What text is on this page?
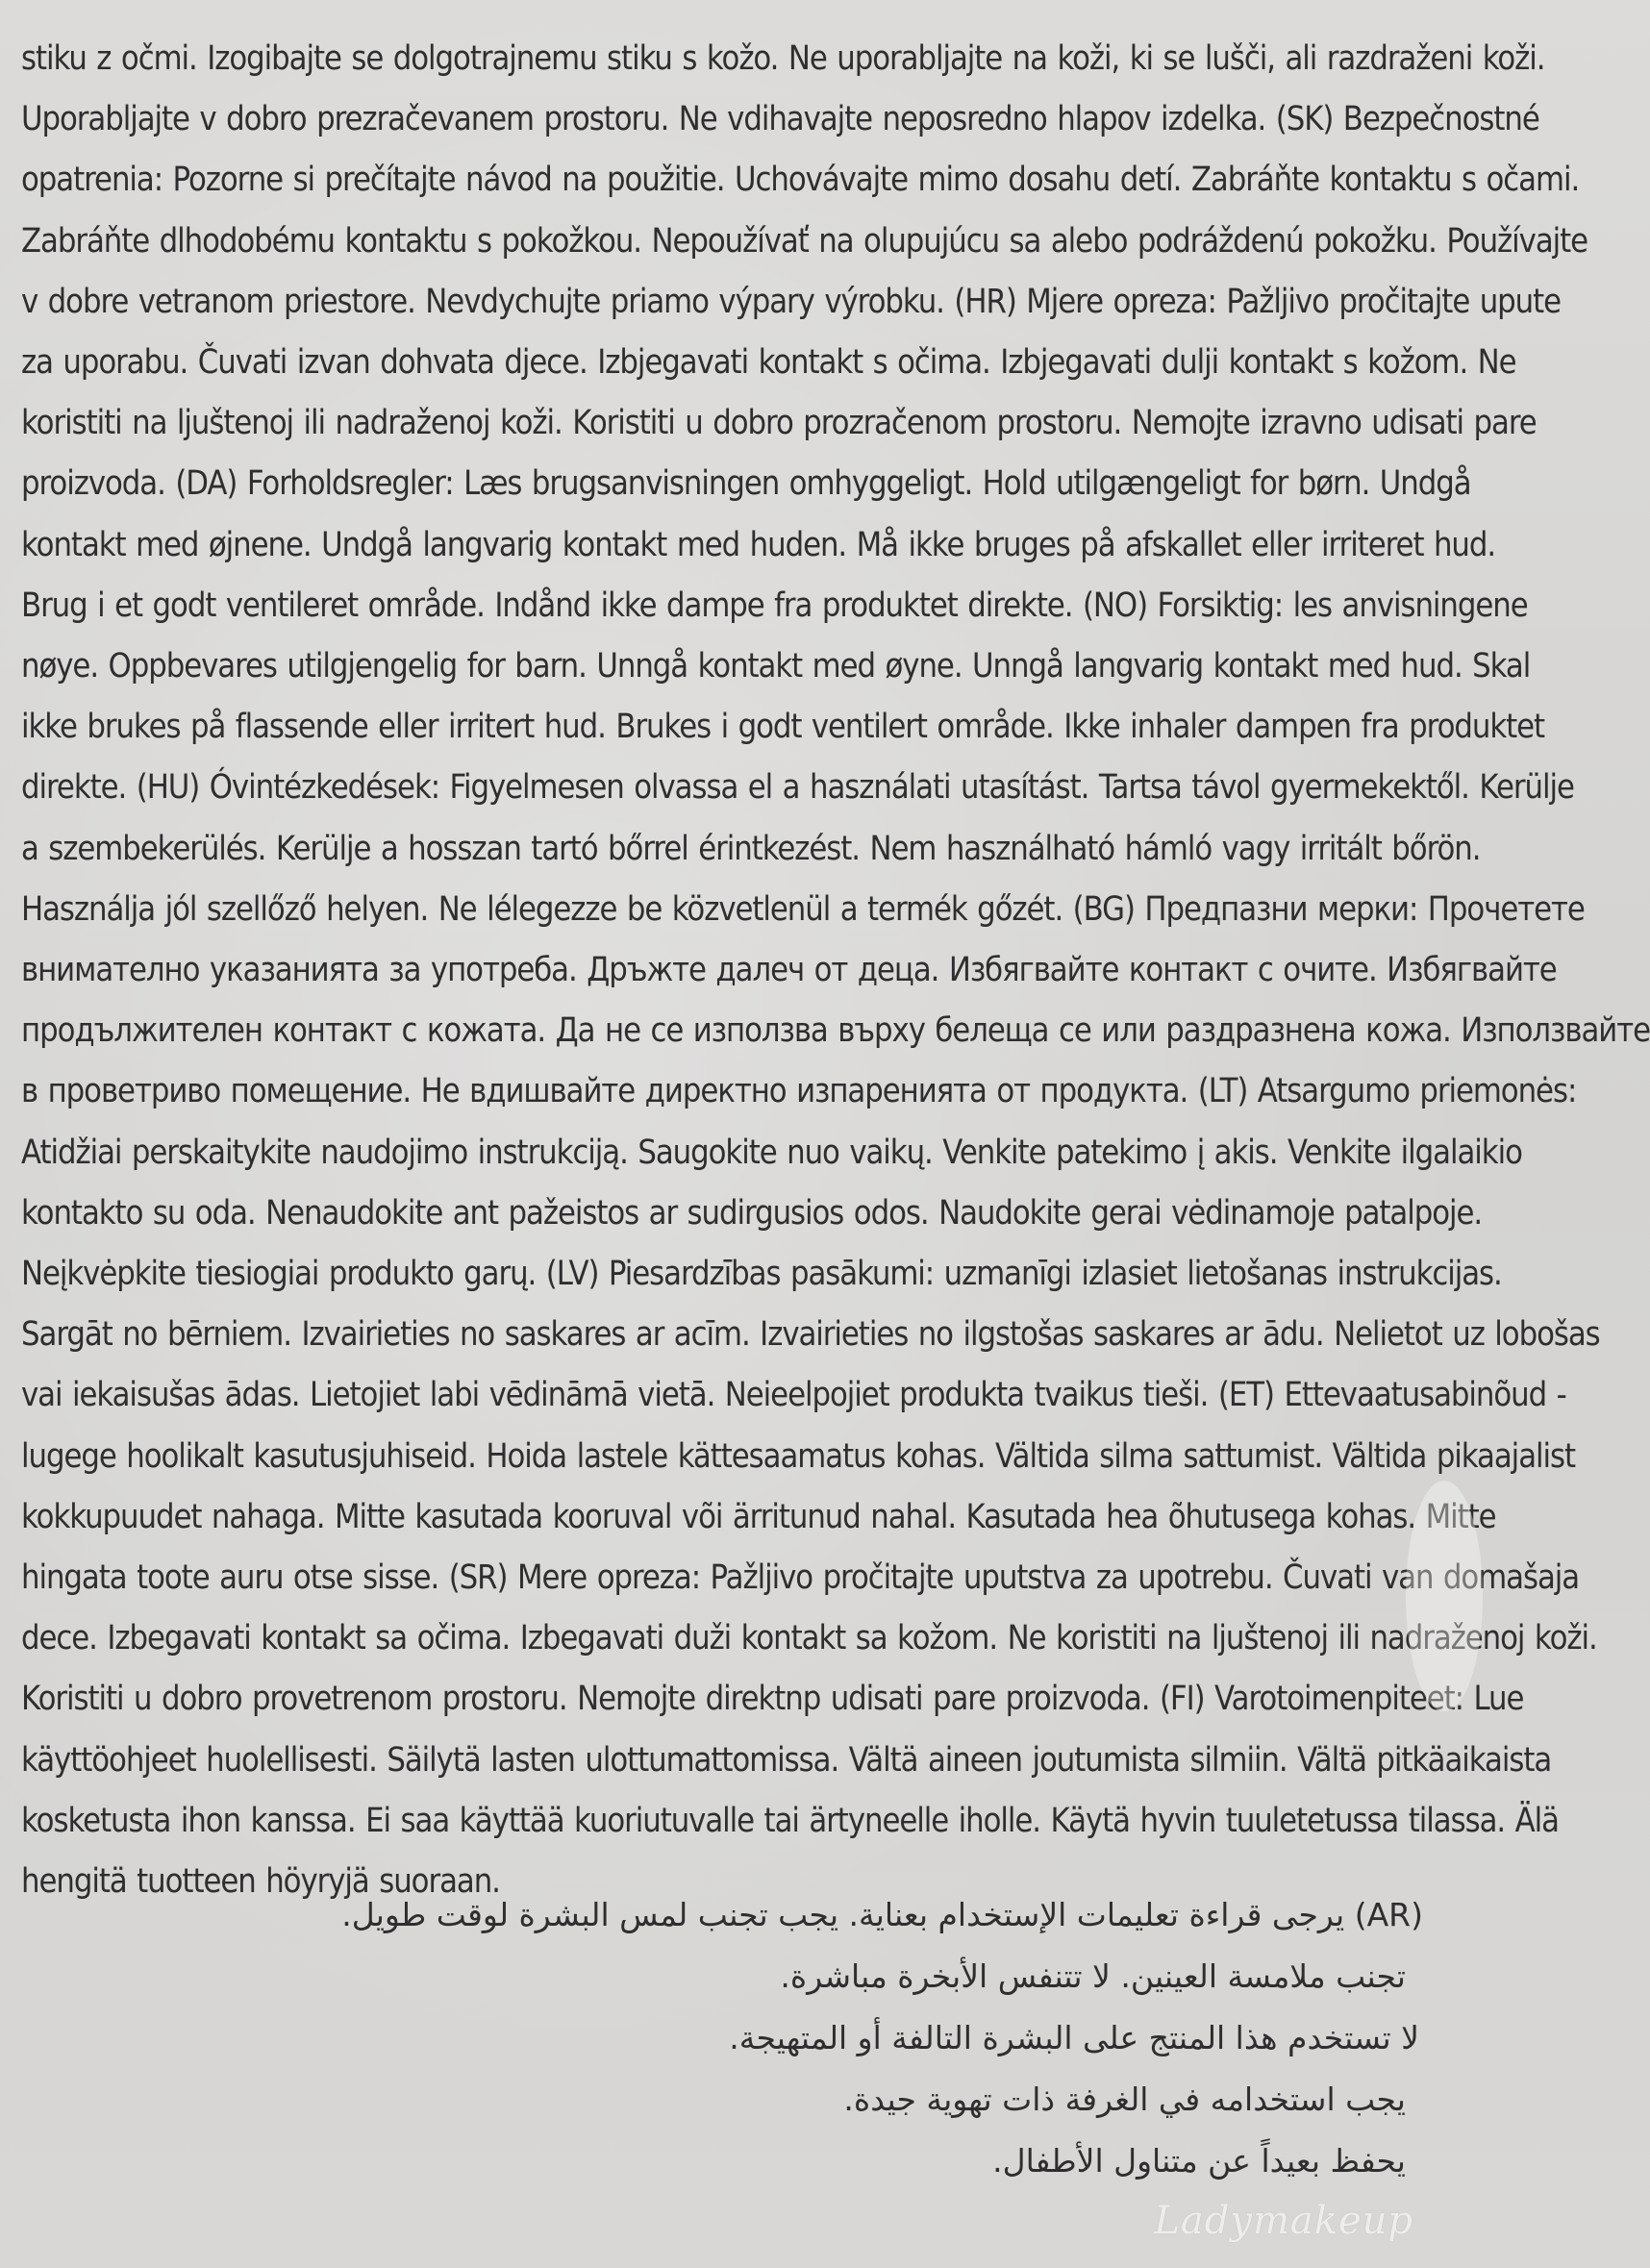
stiku z očmi. Izogibajte se dolgotrajnemu stiku s kožo. Ne uporabljajte na koži, ki se lušči, ali razdraženi koži.
Uporabljajte v dobro prezračevanem prostoru. Ne vdihavajte neposredno hlapov izdelka. (SK) Bezpečnostné
opatrenia: Pozorne si prečítajte návod na použitie. Uchovávajte mimo dosahu detí. Zabráňte kontaktu s očami.
Zabráňte dlhodobému kontaktu s pokožkou. Nepoužívať na olupujúcu sa alebo podráždenú pokožku. Používajte
v dobre vetranom priestore. Nevdychujte priamo výpary výrobku. (HR) Mjere opreza: Pažljivo pročitajte upute
za uporabu. Čuvati izvan dohvata djece. Izbjegavati kontakt s očima. Izbjegavati dulji kontakt s kožom. Ne
koristiti na ljuštenoj ili nadraženoj koži. Koristiti u dobro prozračenom prostoru. Nemojte izravno udisati pare
proizvoda. (DA) Forholdsregler: Læs brugsanvisningen omhyggeligt. Hold utilgængeligt for børn. Undgå
kontakt med øjnene. Undgå langvarig kontakt med huden. Må ikke bruges på afskallet eller irriteret hud.
Brug i et godt ventileret område. Indånd ikke dampe fra produktet direkte. (NO) Forsiktig: les anvisningene
nøye. Oppbevares utilgjengelig for barn. Unngå kontakt med øyne. Unngå langvarig kontakt med hud. Skal
ikke brukes på flassende eller irritert hud. Brukes i godt ventilert område. Ikke inhaler dampen fra produktet
direkte. (HU) Óvintézkedések: Figyelmesen olvassa el a használati utasítást. Tartsa távol gyermekektől. Kerülje
a szembekerülés. Kerülje a hosszan tartó bőrrel érintkezést. Nem használható hámló vagy irritált bőrön.
Használja jól szellőző helyen. Ne lélegezze be közvetlenül a termék gőzét. (BG) Предпазни мерки: Прочетете
внимателно указанията за употреба. Дръжте далеч от деца. Избягвайте контакт с очите. Избягвайте
продължителен контакт с кожата. Да не се използва върху белеща се или раздразнена кожа. Използвайте
в проветриво помещение. Не вдишвайте директно изпаренията от продукта. (LT) Atsargumo priemonės:
Atidžiai perskaitykite naudojimo instrukciją. Saugokite nuo vaikų. Venkite patekimo į akis. Venkite ilgalaikio
kontakto su oda. Nenaudokite ant pažeistos ar sudirgusios odos. Naudokite gerai vėdinamoje patalpoje.
Neįkvėpkite tiesiogiai produkto garų. (LV) Piesardzības pasākumi: uzmanīgi izlasiet lietošanas instrukcijas.
Sargāt no bērniem. Izvairieties no saskares ar acīm. Izvairieties no ilgstošas saskares ar ādu. Nelietot uz lobošas
vai iekaisušas ādas. Lietojiet labi vēdināmā vietā. Neieelpojiet produkta tvaikus tieši. (ET) Ettevaatusabinõud -
lugege hoolikalt kasutusjuhiseid. Hoida lastele kättesaamatus kohas. Vältida silma sattumist. Vältida pikaajalist
kokkupuudet nahaga. Mitte kasutada kooruval või ärritunud nahal. Kasutada hea õhutusega kohas. Mitte
hingata toote auru otse sisse. (SR) Mere opreza: Pažljivo pročitajte uputstva za upotrebu. Čuvati van domašaja
dece. Izbegavati kontakt sa očima. Izbegavati duži kontakt sa kožom. Ne koristiti na ljuštenoj ili nadraženoj koži.
Koristiti u dobro provetrenom prostoru. Nemojte direktnp udisati pare proizvoda. (FI) Varotoimenpiteet: Lue
käyttöohjeet huolellisesti. Säilytä lasten ulottumattomissa. Vältä aineen joutumista silmiin. Vältä pitkäaikaista
kosketusta ihon kanssa. Ei saa käyttää kuoriutuvalle tai ärtyneelle iholle. Käytä hyvin tuuletetussa tilassa. Älä
hengitä tuotteen höyryjä suoraan.
(AR) يرجى قراءة تعليمات الإستخدام بعناية. يجب تجنب لمس البشرة لوقت طويل.
تجنب ملامسة العينين. لا تتنفس الأبخرة مباشرة.
لا تستخدم هذا المنتج على البشرة التالفة أو المتهيجة.
يجب استخدامه في الغرفة ذات تهوية جيدة.
يحفظ بعيداً عن متناول الأطفال.
Ladymakeup
